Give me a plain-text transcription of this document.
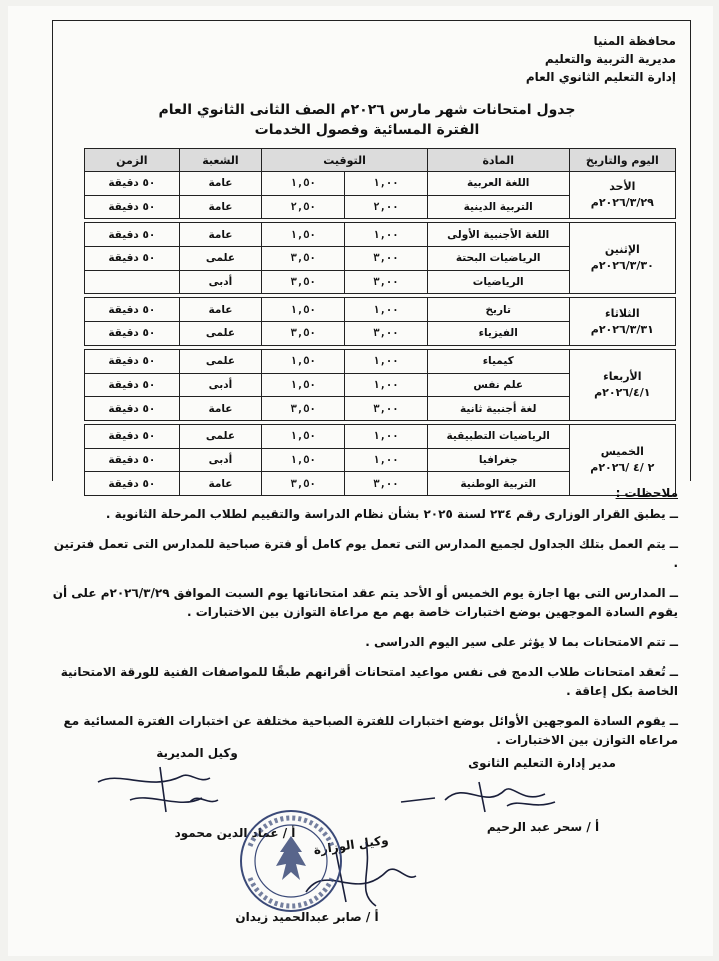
محافظة المنيا
مديرية التربية والتعليم
إدارة التعليم الثانوي العام
جدول امتحانات شهر مارس ٢٠٢٦م الصف الثانى الثانوي العام
الفترة المسائية وفصول الخدمات
اليوم والتاريخ	المادة	التوقيت		الشعبة	الزمن

الأحد
٢٠٢٦/٣/٢٩م	اللغة العربية	١,٠٠	١,٥٠	عامة	٥٠ دقيقة
	التربية الدينية	٢,٠٠	٢,٥٠	عامة	٥٠ دقيقة

الإثنين
٢٠٢٦/٣/٣٠م	اللغة الأجنبية الأولى	١,٠٠	١,٥٠	عامة	٥٠ دقيقة
	الرياضيات البحتة	٣,٠٠	٣,٥٠	علمى	٥٠ دقيقة
	الرياضيات	٣,٠٠	٣,٥٠	أدبى	

الثلاثاء
٢٠٢٦/٣/٣١م	تاريخ	١,٠٠	١,٥٠	عامة	٥٠ دقيقة
	الفيزياء	٣,٠٠	٣,٥٠	علمى	٥٠ دقيقة

الأربعاء
٢٠٢٦/٤/١م	كيمياء	١,٠٠	١,٥٠	علمى	٥٠ دقيقة
	علم نفس	١,٠٠	١,٥٠	أدبى	٥٠ دقيقة
	لغة أجنبية ثانية	٣,٠٠	٣,٥٠	عامة	٥٠ دقيقة

الخميس
٢ /٤ /٢٠٢٦م	الرياضيات التطبيقية	١,٠٠	١,٥٠	علمى	٥٠ دقيقة
	جغرافيا	١,٠٠	١,٥٠	أدبى	٥٠ دقيقة
	التربية الوطنية	٣,٠٠	٣,٥٠	عامة	٥٠ دقيقة
ملاحظات :

ــ يطبق القرار الوزارى رقم ٢٣٤ لسنة ٢٠٢٥ بشأن نظام الدراسة والتقييم لطلاب المرحلة الثانوية .

ــ يتم العمل بتلك الجداول لجميع المدارس التى تعمل يوم كامل أو فترة صباحية للمدارس التى تعمل فترتين .

ــ المدارس التى بها اجازة يوم الخميس أو الأحد يتم عقد امتحاناتها يوم السبت الموافق ٢٠٢٦/٣/٢٩م على أن يقوم السادة الموجهين بوضع اختبارات خاصة بهم مع مراعاة التوازن بين الاختبارات .

ــ تتم الامتحانات بما لا يؤثر على سير اليوم الدراسى .

ــ تُعقد امتحانات طلاب الدمج فى نفس مواعيد امتحانات أقرانهم طبقًا للمواصفات الفنية للورقة الامتحانية الخاصة بكل إعاقة .

ــ يقوم السادة الموجهين الأوائل بوضع اختبارات للفترة الصباحية مختلفة عن اختبارات الفترة المسائية مع مراعاه التوازن بين الاختبارات .

وكيل المديرية
مدير إدارة التعليم الثانوى
أ / سحر عبد الرحيم
أ / عماد الدين محمود	وكيل الوزارة
أ / صابر عبدالحميد زيدان
